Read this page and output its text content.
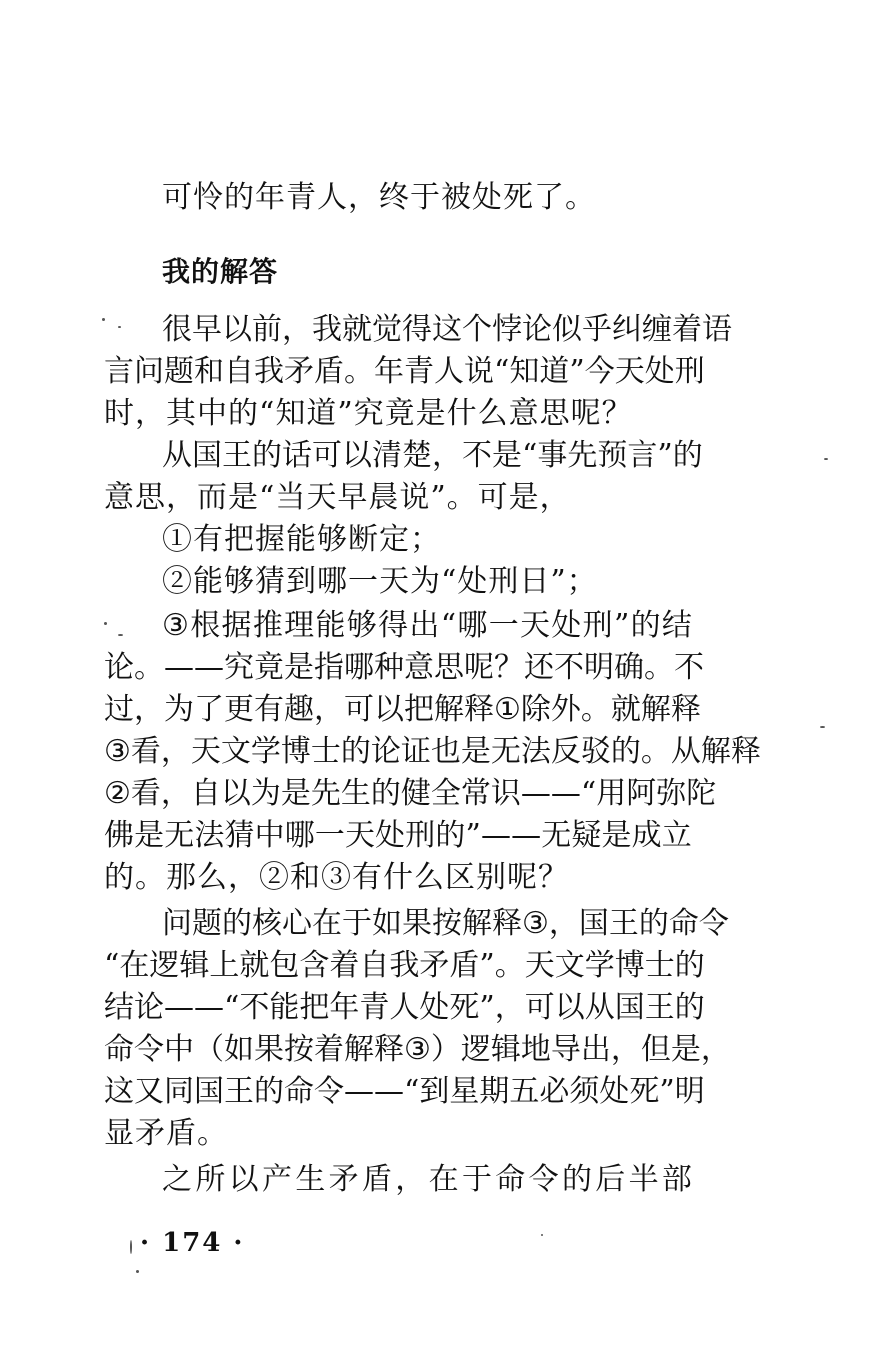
可怜的年青人，终于被处死了。
我的解答
很 早 以 前 ， 我 就 觉 得 这 个 悖 论 似 乎 纠 缠 着 语
言 问 题 和 自 我 矛 盾 。 年 青 人 说 “ 知 道 ” 今 天 处 刑
时，其中的“知道”究竟是什么意思呢？
从 国 王 的 话 可 以 清 楚 ， 不 是 “ 事 先 预 言 ” 的
意思，而是“当天早晨说”。可是，
①有把握能够断定；
②能够猜到哪一天为“处刑日”；
③ 根 据 推 理 能 够 得 出 “ 哪 一 天 处 刑 ” 的 结
论 。 — — 究 竟 是 指 哪 种 意 思 呢 ？ 还 不 明 确 。 不
过 ， 为 了 更 有 趣 ， 可 以 把 解 释 ① 除 外 。 就 解 释
③ 看 ， 天 文 学 博 士 的 论 证 也 是 无 法 反 驳 的 。 从 解 释
② 看 ， 自 以 为 是 先 生 的 健 全 常 识 — — “ 用 阿 弥 陀
佛 是 无 法 猜 中 哪 一 天 处 刑 的 ” — — 无 疑 是 成 立
的。那么，②和③有什么区别呢？
问 题 的 核 心 在 于 如 果 按 解 释 ③ ， 国 王 的 命 令
“ 在 逻 辑 上 就 包 含 着 自 我 矛 盾 ” 。 天 文 学 博 士 的
结 论 — — “ 不 能 把 年 青 人 处 死 ” ， 可 以 从 国 王 的
命 令 中 （ 如 果 按 着 解 释 ③ ） 逻 辑 地 导 出 ， 但 是 ，
这 又 同 国 王 的 命 令 — — “ 到 星 期 五 必 须 处 死 ” 明
显矛盾。
之 所 以 产 生 矛 盾 ， 在 于 命 令 的 后 半 部
· 174 ·
